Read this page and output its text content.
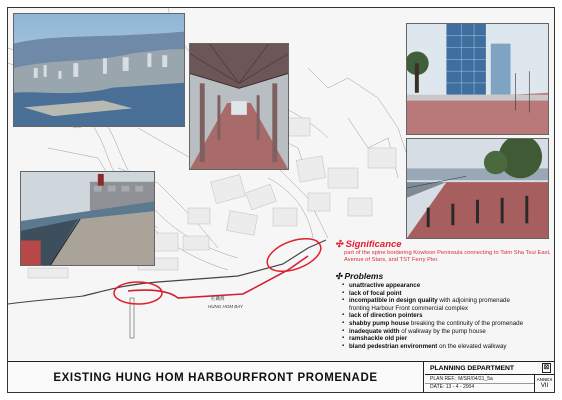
HUNG HOM BAY
紅磡灣
✣ Significance
part of the spine bordering Kowloon Peninsula connecting to Tsim Sha Tsui East, Avenue of Stars, and TST Ferry Pier.
✣ Problems
▪ unattractive appearance
▪ lack of focal point
▪ incompatible in design quality with adjoining promenade
fronting Harbour Front commercial complex
▪ lack of direction pointers
▪ shabby pump house breaking the continuity of the promenade
▪ inadequate width of walkway by the pump house
▪ ramshackle old pier
▪ bland pedestrian environment on the elevated walkway
EXISTING HUNG HOM HARBOURFRONT PROMENADE
PLANNING DEPARTMENT	☒
PLAN REF.: M/SR/04/21_5a
DATE: 13 - 4 - 2004
ANNEX
VII
